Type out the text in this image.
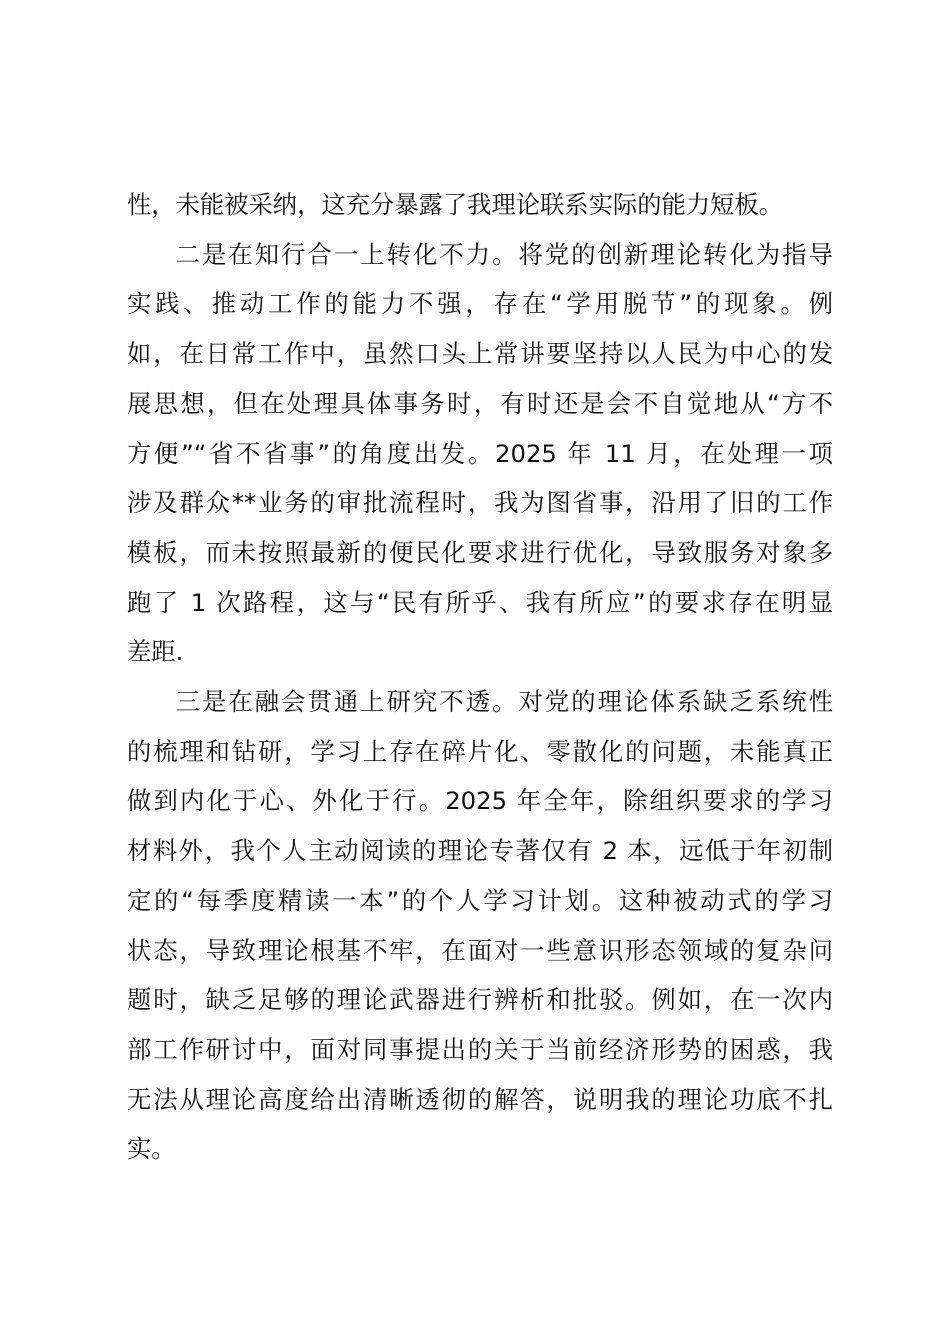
性，未能被采纳，这充分暴露了我理论联系实际的能力短板。
二是在知行合一上转化不力。将党的创新理论转化为指导
实践、推动工作的能力不强，存在“学用脱节”的现象。例
如，在日常工作中，虽然口头上常讲要坚持以人民为中心的发
展思想，但在处理具体事务时，有时还是会不自觉地从“方不
方便”“省不省事”的角度出发。2025 年 11 月，在处理一项
涉及群众**业务的审批流程时，我为图省事，沿用了旧的工作
模板，而未按照最新的便民化要求进行优化，导致服务对象多
跑了 1 次路程，这与“民有所乎、我有所应”的要求存在明显
差距.
三是在融会贯通上研究不透。对党的理论体系缺乏系统性
的梳理和钻研，学习上存在碎片化、零散化的问题，未能真正
做到内化于心、外化于行。2025 年全年，除组织要求的学习
材料外，我个人主动阅读的理论专著仅有 2 本，远低于年初制
定的“每季度精读一本”的个人学习计划。这种被动式的学习
状态，导致理论根基不牢，在面对一些意识形态领域的复杂问
题时，缺乏足够的理论武器进行辨析和批驳。例如，在一次内
部工作研讨中，面对同事提出的关于当前经济形势的困惑，我
无法从理论高度给出清晰透彻的解答，说明我的理论功底不扎
实。
